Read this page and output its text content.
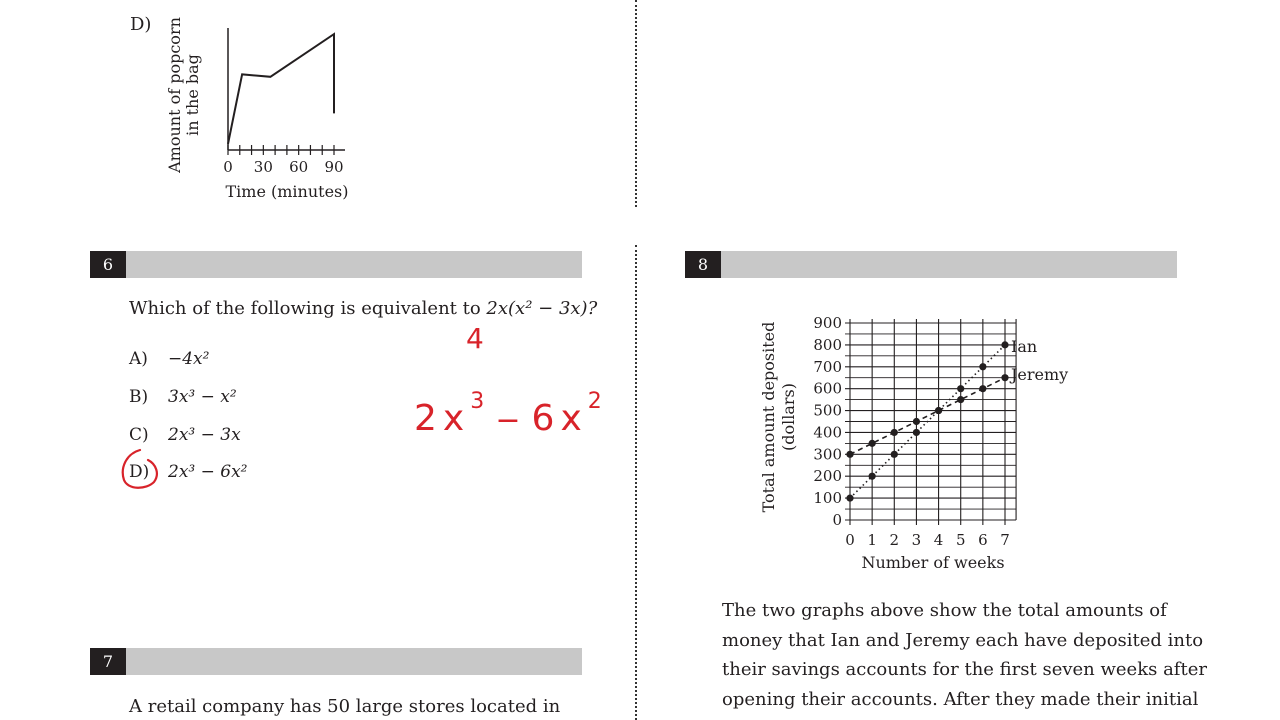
D) Amount of popcorn in the bag
0 30 60 90
Time (minutes)
6
Which of the following is equivalent to 2x(x² − 3x)?
A) −4x²
B) 3x³ − x²
C) 2x³ − 3x
D) 2x³ − 6x²
4
2x3 − 6x2
7
A retail company has 50 large stores located in
8
Total amount deposited (dollars)
0
100
200
300
400
500
600
700
800
900
0 1 2 3 4 5 6 7
Number of weeks
Ian
Jeremy
The two graphs above show the total amounts of
money that Ian and Jeremy each have deposited into
their savings accounts for the first seven weeks after
opening their accounts. After they made their initial
